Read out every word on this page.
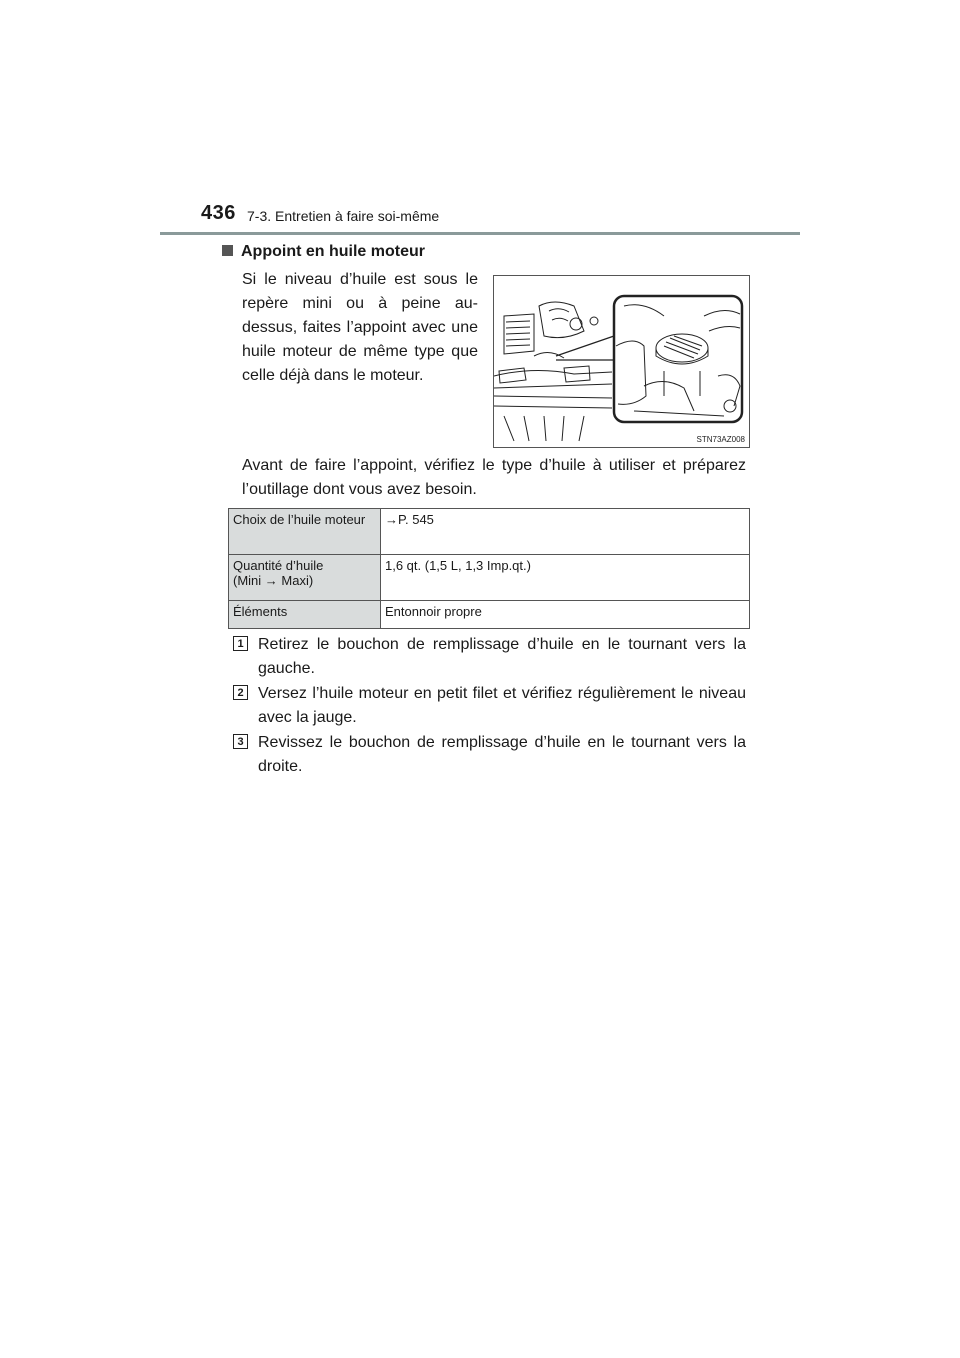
436 7-3. Entretien à faire soi-même
Appoint en huile moteur
Si le niveau d’huile est sous le repère mini ou à peine au-dessus, faites l’appoint avec une huile moteur de même type que celle déjà dans le moteur.
STN73AZ008
Avant de faire l’appoint, vérifiez le type d’huile à utiliser et préparez l’outillage dont vous avez besoin.
Choix de l’huile moteur	→P. 545
Quantité d’huile
(Mini → Maxi)	1,6 qt. (1,5 L, 1,3 Imp.qt.)
Éléments	Entonnoir propre
1 Retirez le bouchon de remplissage d’huile en le tournant vers la gauche.
2 Versez l’huile moteur en petit filet et vérifiez régulièrement le niveau avec la jauge.
3 Revissez le bouchon de remplissage d’huile en le tournant vers la droite.
